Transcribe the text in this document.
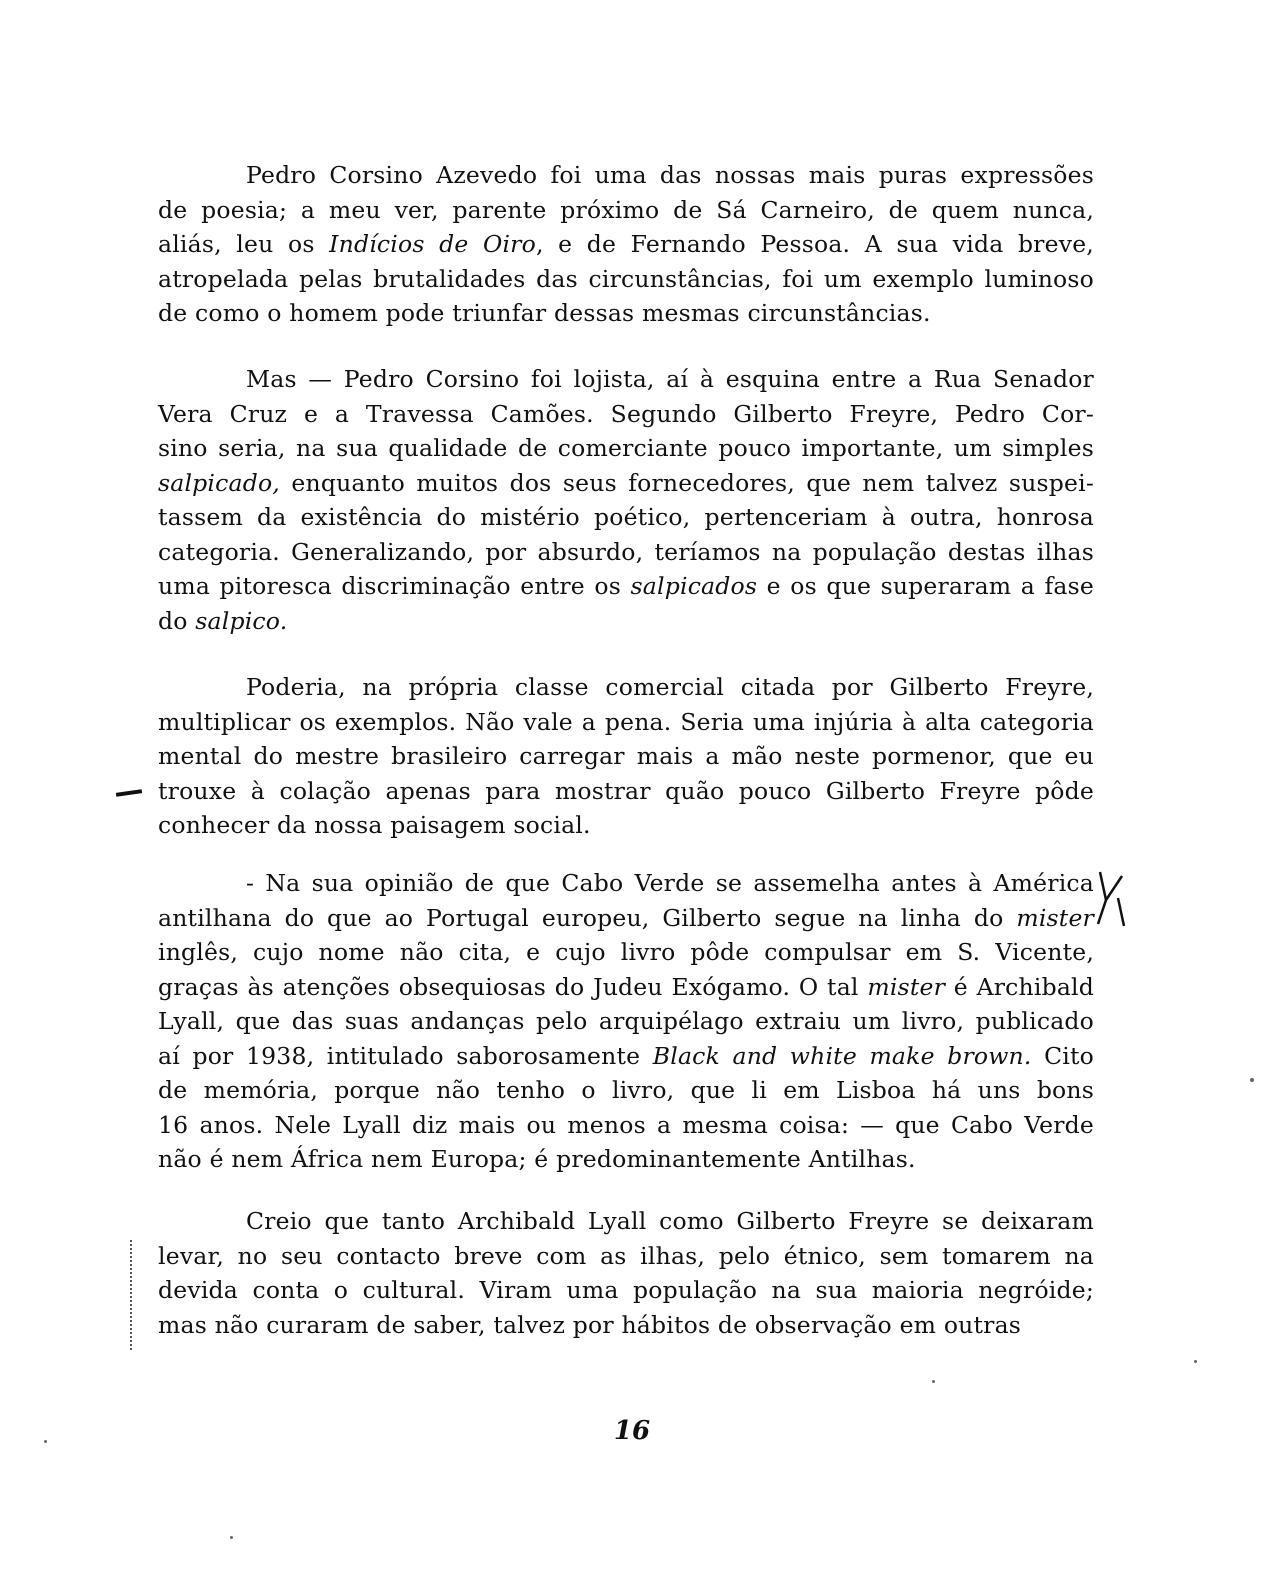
Pedro Corsino Azevedo foi uma das nossas mais puras expressões
de poesia; a meu ver, parente próximo de Sá Carneiro, de quem nunca,
aliás, leu os Indícios de Oiro, e de Fernando Pessoa. A sua vida breve,
atropelada pelas brutalidades das circunstâncias, foi um exemplo luminoso
de como o homem pode triunfar dessas mesmas circunstâncias.
Mas — Pedro Corsino foi lojista, aí à esquina entre a Rua Senador
Vera Cruz e a Travessa Camões. Segundo Gilberto Freyre, Pedro Cor-
sino seria, na sua qualidade de comerciante pouco importante, um simples
salpicado, enquanto muitos dos seus fornecedores, que nem talvez suspei-
tassem da existência do mistério poético, pertenceriam à outra, honrosa
categoria. Generalizando, por absurdo, teríamos na população destas ilhas
uma pitoresca discriminação entre os salpicados e os que superaram a fase
do salpico.
Poderia, na própria classe comercial citada por Gilberto Freyre,
multiplicar os exemplos. Não vale a pena. Seria uma injúria à alta categoria
mental do mestre brasileiro carregar mais a mão neste pormenor, que eu
trouxe à colação apenas para mostrar quão pouco Gilberto Freyre pôde
conhecer da nossa paisagem social.
- Na sua opinião de que Cabo Verde se assemelha antes à América
antilhana do que ao Portugal europeu, Gilberto segue na linha do mister
inglês, cujo nome não cita, e cujo livro pôde compulsar em S. Vicente,
graças às atenções obsequiosas do Judeu Exógamo. O tal mister é Archibald
Lyall, que das suas andanças pelo arquipélago extraiu um livro, publicado
aí por 1938, intitulado saborosamente Black and white make brown. Cito
de memória, porque não tenho o livro, que li em Lisboa há uns bons
16 anos. Nele Lyall diz mais ou menos a mesma coisa: — que Cabo Verde
não é nem África nem Europa; é predominantemente Antilhas.
Creio que tanto Archibald Lyall como Gilberto Freyre se deixaram
levar, no seu contacto breve com as ilhas, pelo étnico, sem tomarem na
devida conta o cultural. Viram uma população na sua maioria negróide;
mas não curaram de saber, talvez por hábitos de observação em outras
16
